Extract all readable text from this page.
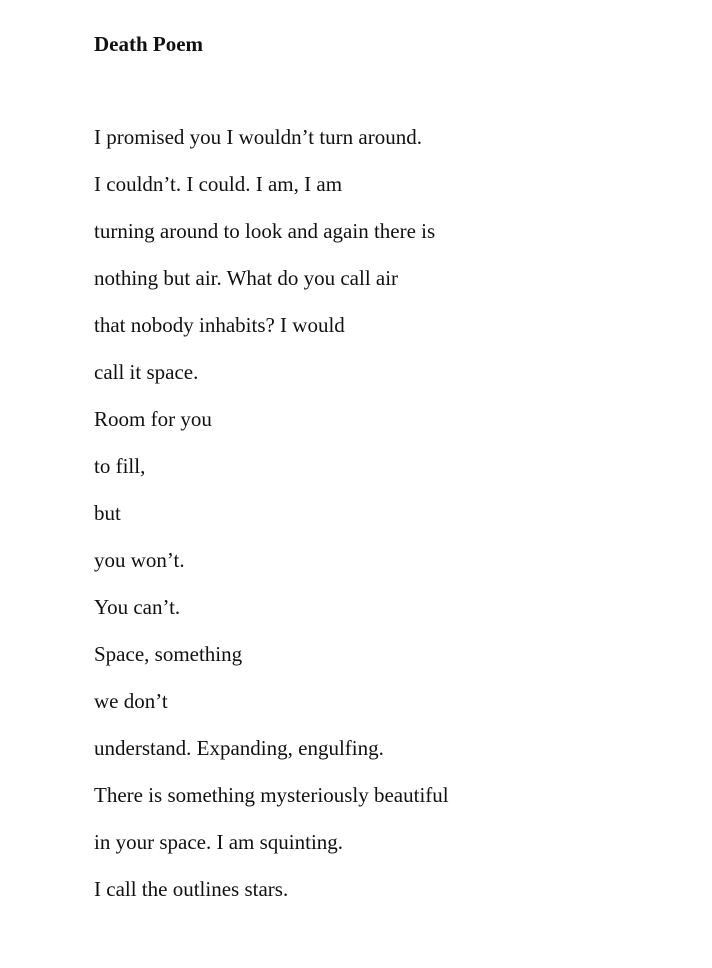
Death Poem
I promised you I wouldn’t turn around.
I couldn’t. I could. I am, I am
turning around to look and again there is
nothing but air. What do you call air
that nobody inhabits? I would
call it space.
Room for you
to fill,
but
you won’t.
You can’t.
Space, something
we don’t
understand. Expanding, engulfing.
There is something mysteriously beautiful
in your space. I am squinting.
I call the outlines stars.
